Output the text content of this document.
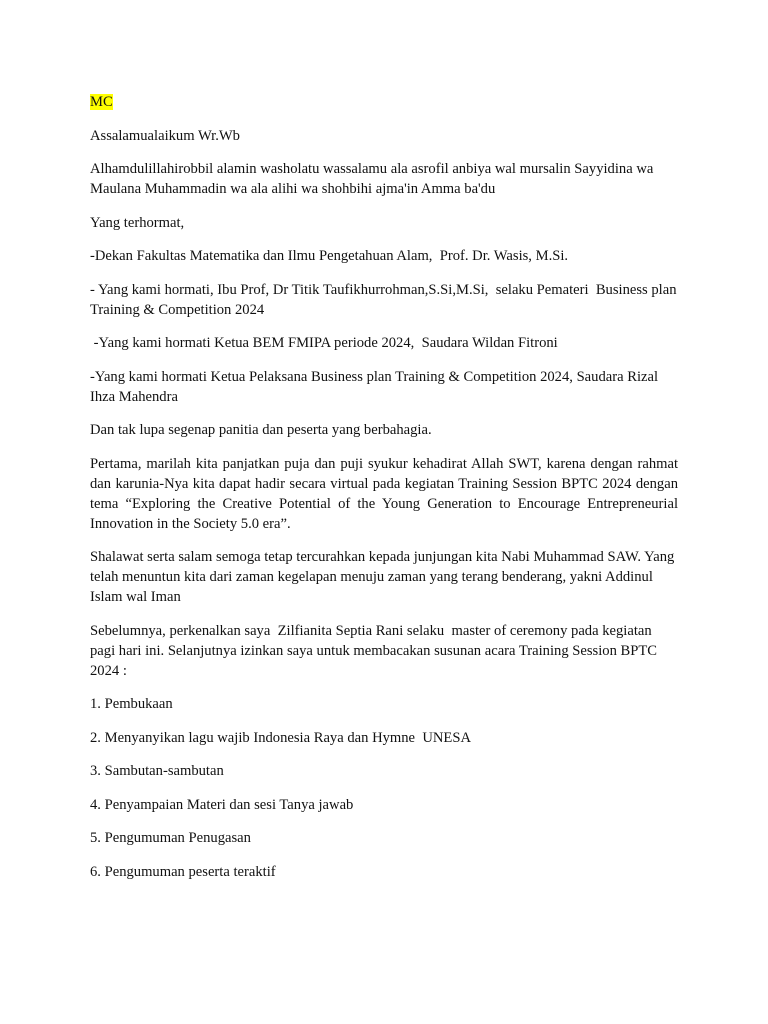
MC

Assalamualaikum Wr.Wb

Alhamdulillahirobbil alamin washolatu wassalamu ala asrofil anbiya wal mursalin Sayyidina wa Maulana Muhammadin wa ala alihi wa shohbihi ajma'in Amma ba'du

Yang terhormat,

-Dekan Fakultas Matematika dan Ilmu Pengetahuan Alam,  Prof. Dr. Wasis, M.Si.

- Yang kami hormati, Ibu Prof, Dr Titik Taufikhurrohman,S.Si,M.Si,  selaku Pemateri  Business plan Training & Competition 2024

-Yang kami hormati Ketua BEM FMIPA periode 2024,  Saudara Wildan Fitroni

-Yang kami hormati Ketua Pelaksana Business plan Training & Competition 2024, Saudara Rizal Ihza Mahendra

Dan tak lupa segenap panitia dan peserta yang berbahagia.

Pertama, marilah kita panjatkan puja dan puji syukur kehadirat Allah SWT, karena dengan rahmat dan karunia-Nya kita dapat hadir secara virtual pada kegiatan Training Session BPTC 2024 dengan tema “Exploring the Creative Potential of the Young Generation to Encourage Entrepreneurial Innovation in the Society 5.0 era”.

Shalawat serta salam semoga tetap tercurahkan kepada junjungan kita Nabi Muhammad SAW. Yang telah menuntun kita dari zaman kegelapan menuju zaman yang terang benderang, yakni Addinul Islam wal Iman

Sebelumnya, perkenalkan saya  Zilfianita Septia Rani selaku  master of ceremony pada kegiatan pagi hari ini. Selanjutnya izinkan saya untuk membacakan susunan acara Training Session BPTC 2024 :

1. Pembukaan

2. Menyanyikan lagu wajib Indonesia Raya dan Hymne  UNESA

3. Sambutan-sambutan

4. Penyampaian Materi dan sesi Tanya jawab

5. Pengumuman Penugasan

6. Pengumuman peserta teraktif
